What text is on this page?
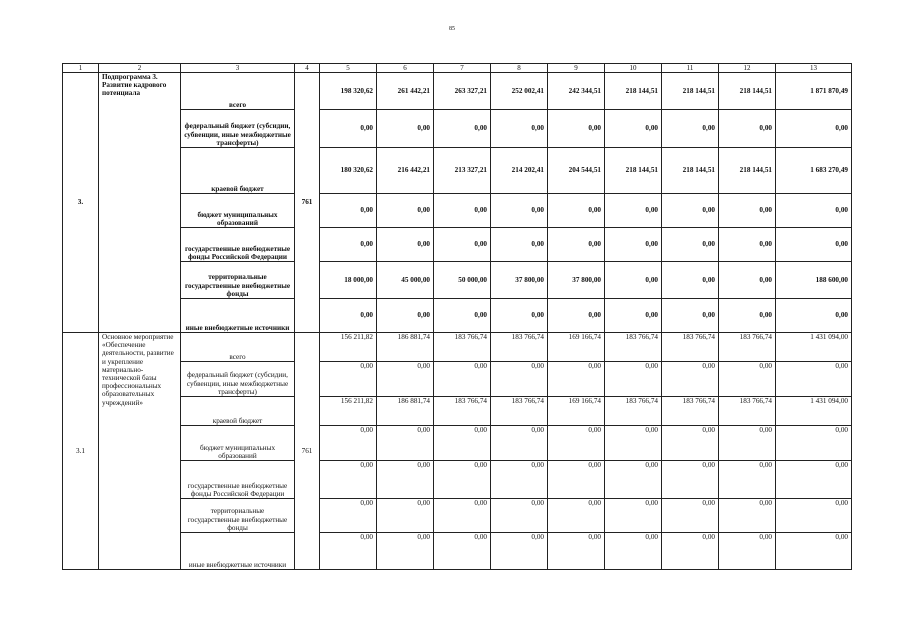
85
1	2	3	4	5	6	7	8	9	10	11	12	13
3.	Подпрограмма 3. Развитие кадрового потенциала	всего	761	198 320,62	261 442,21	263 327,21	252 002,41	242 344,51	218 144,51	218 144,51	218 144,51	1 871 870,49
		федеральный бюджет (субсидии, субвенции, иные межбюджетные трансферты)		0,00	0,00	0,00	0,00	0,00	0,00	0,00	0,00	0,00
		краевой бюджет		180 320,62	216 442,21	213 327,21	214 202,41	204 544,51	218 144,51	218 144,51	218 144,51	1 683 270,49
		бюджет муниципальных образований		0,00	0,00	0,00	0,00	0,00	0,00	0,00	0,00	0,00
		государственные внебюджетные фонды Российской Федерации		0,00	0,00	0,00	0,00	0,00	0,00	0,00	0,00	0,00
		территориальные государственные внебюджетные фонды		18 000,00	45 000,00	50 000,00	37 800,00	37 800,00	0,00	0,00	0,00	188 600,00
		иные внебюджетные источники		0,00	0,00	0,00	0,00	0,00	0,00	0,00	0,00	0,00
3.1	Основное мероприятие «Обеспечение деятельности, развитие и укрепление материально-технической базы профессиональных образовательных учреждений»	всего	761	156 211,82	186 881,74	183 766,74	183 766,74	169 166,74	183 766,74	183 766,74	183 766,74	1 431 094,00
		федеральный бюджет (субсидии, субвенции, иные межбюджетные трансферты)		0,00	0,00	0,00	0,00	0,00	0,00	0,00	0,00	0,00
		краевой бюджет		156 211,82	186 881,74	183 766,74	183 766,74	169 166,74	183 766,74	183 766,74	183 766,74	1 431 094,00
		бюджет муниципальных образований		0,00	0,00	0,00	0,00	0,00	0,00	0,00	0,00	0,00
		государственные внебюджетные фонды Российской Федерации		0,00	0,00	0,00	0,00	0,00	0,00	0,00	0,00	0,00
		территориальные государственные внебюджетные фонды		0,00	0,00	0,00	0,00	0,00	0,00	0,00	0,00	0,00
		иные внебюджетные источники		0,00	0,00	0,00	0,00	0,00	0,00	0,00	0,00	0,00
